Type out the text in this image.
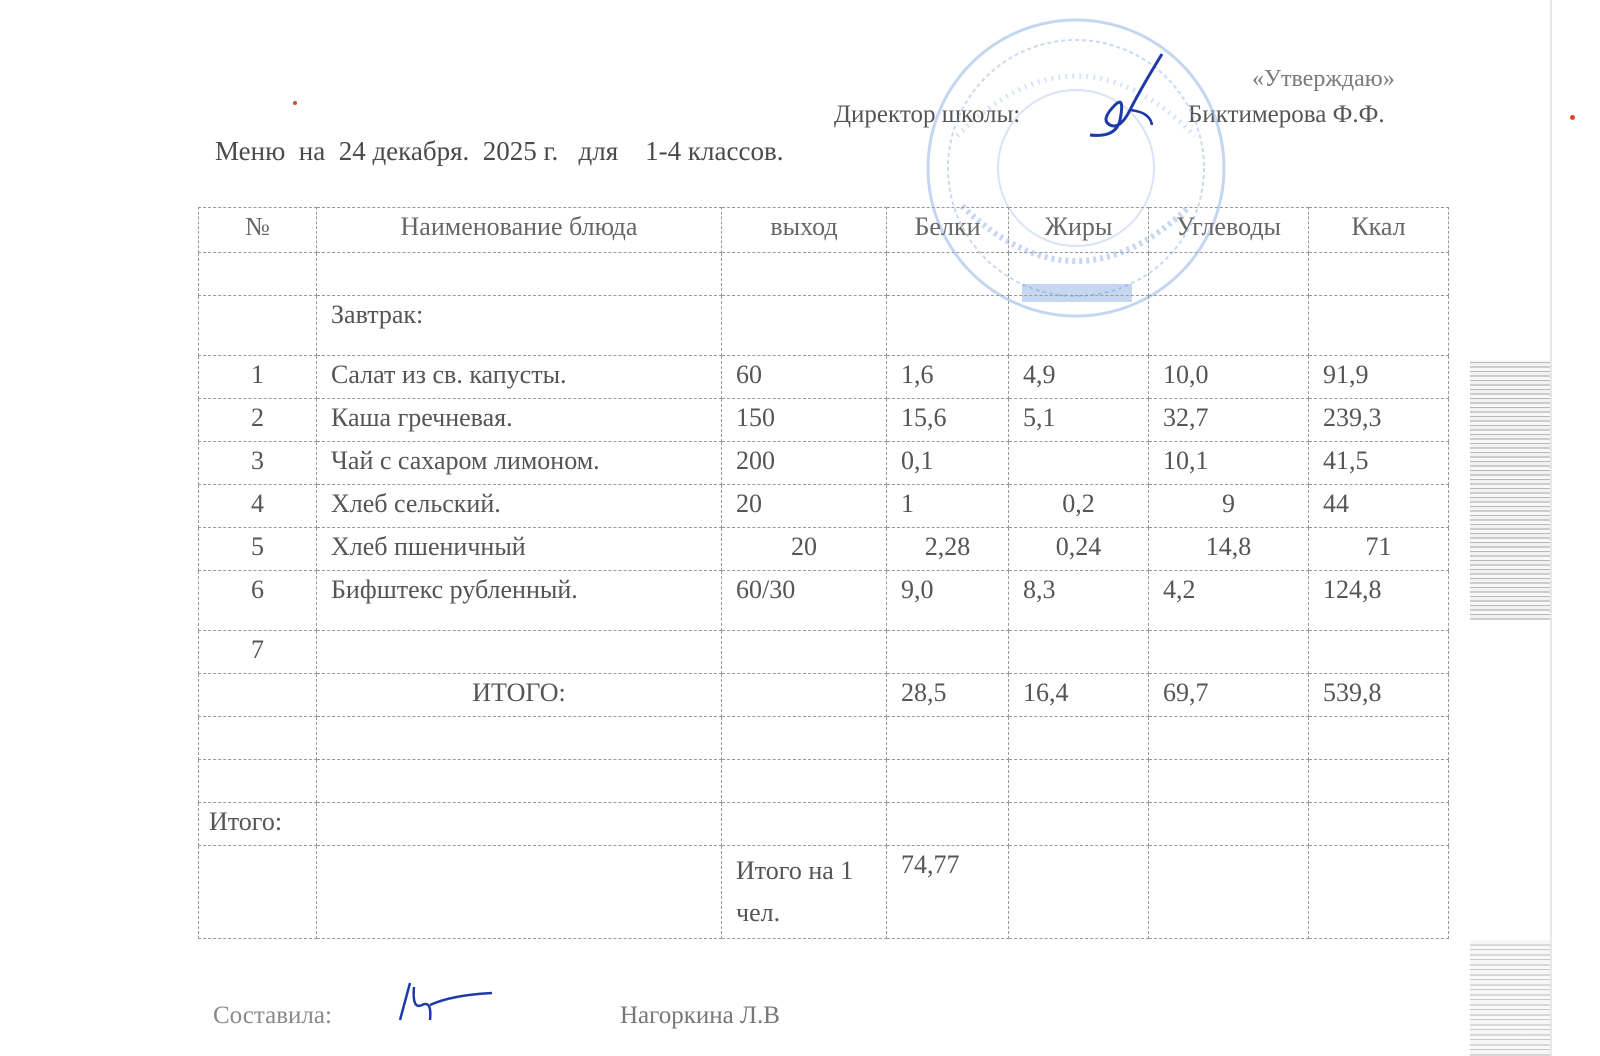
«Утверждаю»
Директор школы:	Биктимерова Ф.Ф.
Меню  на  24 декабря.  2025 г.   для    1-4 классов.
№	Наименование блюда	выход	Белки	Жиры	Углеводы	Ккал

	Завтрак:					
1	Салат из св. капусты.	60	1,6	4,9	10,0	91,9
2	Каша гречневая.	150	15,6	5,1	32,7	239,3
3	Чай с сахаром лимоном.	200	0,1		10,1	41,5
4	Хлеб сельский.	20	1	0,2	9	44
5	Хлеб пшеничный	20	2,28	0,24	14,8	71
6	Бифштекс рубленный.	60/30	9,0	8,3	4,2	124,8
7						
	ИТОГО:		28,5	16,4	69,7	539,8

Итого:						
		Итого на 1 чел.	74,77			
Составила:	Нагоркина Л.В
